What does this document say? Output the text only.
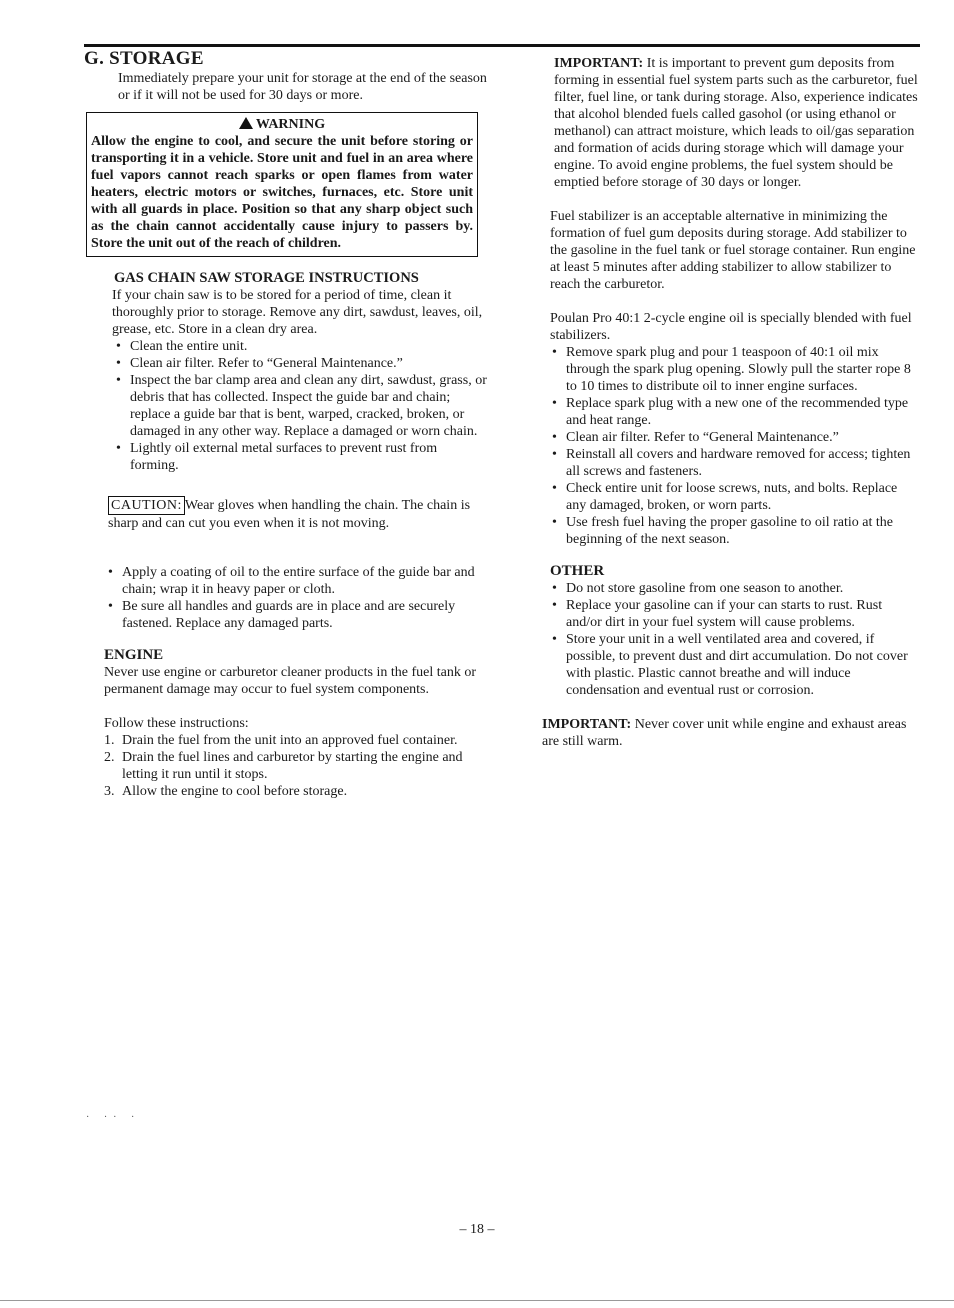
G. STORAGE

Immediately prepare your unit for storage at the end of the season or if it will not be used for 30 days or more.

WARNING
Allow the engine to cool, and secure the unit before storing or transporting it in a vehicle. Store unit and fuel in an area where fuel vapors cannot reach sparks or open flames from water heaters, electric motors or switches, furnaces, etc. Store unit with all guards in place. Position so that any sharp object such as the chain cannot accidentally cause injury to passers by. Store the unit out of the reach of children.
GAS CHAIN SAW STORAGE INSTRUCTIONS

If your chain saw is to be stored for a period of time, clean it thoroughly prior to storage. Remove any dirt, sawdust, leaves, oil, grease, etc. Store in a clean dry area.

• Clean the entire unit.
• Clean air filter. Refer to “General Maintenance.”
• Inspect the bar clamp area and clean any dirt, sawdust, grass, or debris that has collected. Inspect the guide bar and chain; replace a guide bar that is bent, warped, cracked, broken, or damaged in any other way. Replace a damaged or worn chain.
• Lightly oil external metal surfaces to prevent rust from forming.

CAUTION: Wear gloves when handling the chain. The chain is sharp and can cut you even when it is not moving.

• Apply a coating of oil to the entire surface of the guide bar and chain; wrap it in heavy paper or cloth.
• Be sure all handles and guards are in place and are securely fastened. Replace any damaged parts.
ENGINE

Never use engine or carburetor cleaner products in the fuel tank or permanent damage may occur to fuel system components.

Follow these instructions:

1. Drain the fuel from the unit into an approved fuel container.
2. Drain the fuel lines and carburetor by starting the engine and letting it run until it stops.
3. Allow the engine to cool before storage.

IMPORTANT: It is important to prevent gum deposits from forming in essential fuel system parts such as the carburetor, fuel filter, fuel line, or tank during storage. Also, experience indicates that alcohol blended fuels called gasohol (or using ethanol or methanol) can attract moisture, which leads to oil/gas separation and formation of acids during storage which will damage your engine. To avoid engine problems, the fuel system should be emptied before storage of 30 days or longer.

Fuel stabilizer is an acceptable alternative in minimizing the formation of fuel gum deposits during storage. Add stabilizer to the gasoline in the fuel tank or fuel storage container. Run engine at least 5 minutes after adding stabilizer to allow stabilizer to reach the carburetor.

Poulan Pro 40:1 2-cycle engine oil is specially blended with fuel stabilizers.

• Remove spark plug and pour 1 teaspoon of 40:1 oil mix through the spark plug opening. Slowly pull the starter rope 8 to 10 times to distribute oil to inner engine surfaces.
• Replace spark plug with a new one of the recommended type and heat range.
• Clean air filter. Refer to “General Maintenance.”
• Reinstall all covers and hardware removed for access; tighten all screws and fasteners.
• Check entire unit for loose screws, nuts, and bolts. Replace any damaged, broken, or worn parts.
• Use fresh fuel having the proper gasoline to oil ratio at the beginning of the next season.
OTHER
• Do not store gasoline from one season to another.
• Replace your gasoline can if your can starts to rust. Rust and/or dirt in your fuel system will cause problems.
• Store your unit in a well ventilated area and covered, if possible, to prevent dust and dirt accumulation. Do not cover with plastic. Plastic cannot breathe and will induce condensation and eventual rust or corrosion.

IMPORTANT: Never cover unit while engine and exhaust areas are still warm.

· ·· ·
– 18 –
